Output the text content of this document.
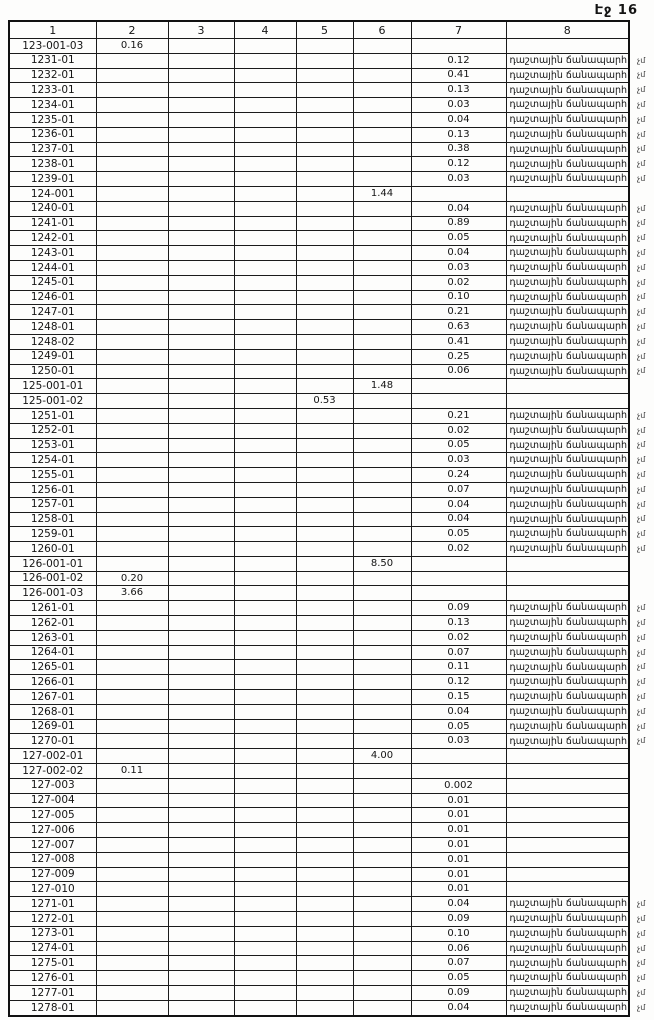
Էջ 16
1	2	3	4	5	6	7	8	
123-001-03	0.16							
1231-01						0.12	դաշտային ճանապարհ	չմ
1232-01						0.41	դաշտային ճանապարհ	չմ
1233-01						0.13	դաշտային ճանապարհ	չմ
1234-01						0.03	դաշտային ճանապարհ	չմ
1235-01						0.04	դաշտային ճանապարհ	չմ
1236-01						0.13	դաշտային ճանապարհ	չմ
1237-01						0.38	դաշտային ճանապարհ	չմ
1238-01						0.12	դաշտային ճանապարհ	չմ
1239-01						0.03	դաշտային ճանապարհ	չմ
124-001					1.44			
1240-01						0.04	դաշտային ճանապարհ	չմ
1241-01						0.89	դաշտային ճանապարհ	չմ
1242-01						0.05	դաշտային ճանապարհ	չմ
1243-01						0.04	դաշտային ճանապարհ	չմ
1244-01						0.03	դաշտային ճանապարհ	չմ
1245-01						0.02	դաշտային ճանապարհ	չմ
1246-01						0.10	դաշտային ճանապարհ	չմ
1247-01						0.21	դաշտային ճանապարհ	չմ
1248-01						0.63	դաշտային ճանապարհ	չմ
1248-02						0.41	դաշտային ճանապարհ	չմ
1249-01						0.25	դաշտային ճանապարհ	չմ
1250-01						0.06	դաշտային ճանապարհ	չմ
125-001-01					1.48			
125-001-02				0.53				
1251-01						0.21	դաշտային ճանապարհ	չմ
1252-01						0.02	դաշտային ճանապարհ	չմ
1253-01						0.05	դաշտային ճանապարհ	չմ
1254-01						0.03	դաշտային ճանապարհ	չմ
1255-01						0.24	դաշտային ճանապարհ	չմ
1256-01						0.07	դաշտային ճանապարհ	չմ
1257-01						0.04	դաշտային ճանապարհ	չմ
1258-01						0.04	դաշտային ճանապարհ	չմ
1259-01						0.05	դաշտային ճանապարհ	չմ
1260-01						0.02	դաշտային ճանապարհ	չմ
126-001-01					8.50			
126-001-02	0.20							
126-001-03	3.66							
1261-01						0.09	դաշտային ճանապարհ	չմ
1262-01						0.13	դաշտային ճանապարհ	չմ
1263-01						0.02	դաշտային ճանապարհ	չմ
1264-01						0.07	դաշտային ճանապարհ	չմ
1265-01						0.11	դաշտային ճանապարհ	չմ
1266-01						0.12	դաշտային ճանապարհ	չմ
1267-01						0.15	դաշտային ճանապարհ	չմ
1268-01						0.04	դաշտային ճանապարհ	չմ
1269-01						0.05	դաշտային ճանապարհ	չմ
1270-01						0.03	դաշտային ճանապարհ	չմ
127-002-01					4.00			
127-002-02	0.11							
127-003						0.002		
127-004						0.01		
127-005						0.01		
127-006						0.01		
127-007						0.01		
127-008						0.01		
127-009						0.01		
127-010						0.01		
1271-01						0.04	դաշտային ճանապարհ	չմ
1272-01						0.09	դաշտային ճանապարհ	չմ
1273-01						0.10	դաշտային ճանապարհ	չմ
1274-01						0.06	դաշտային ճանապարհ	չմ
1275-01						0.07	դաշտային ճանապարհ	չմ
1276-01						0.05	դաշտային ճանապարհ	չմ
1277-01						0.09	դաշտային ճանապարհ	չմ
1278-01						0.04	դաշտային ճանապարհ	չմ
